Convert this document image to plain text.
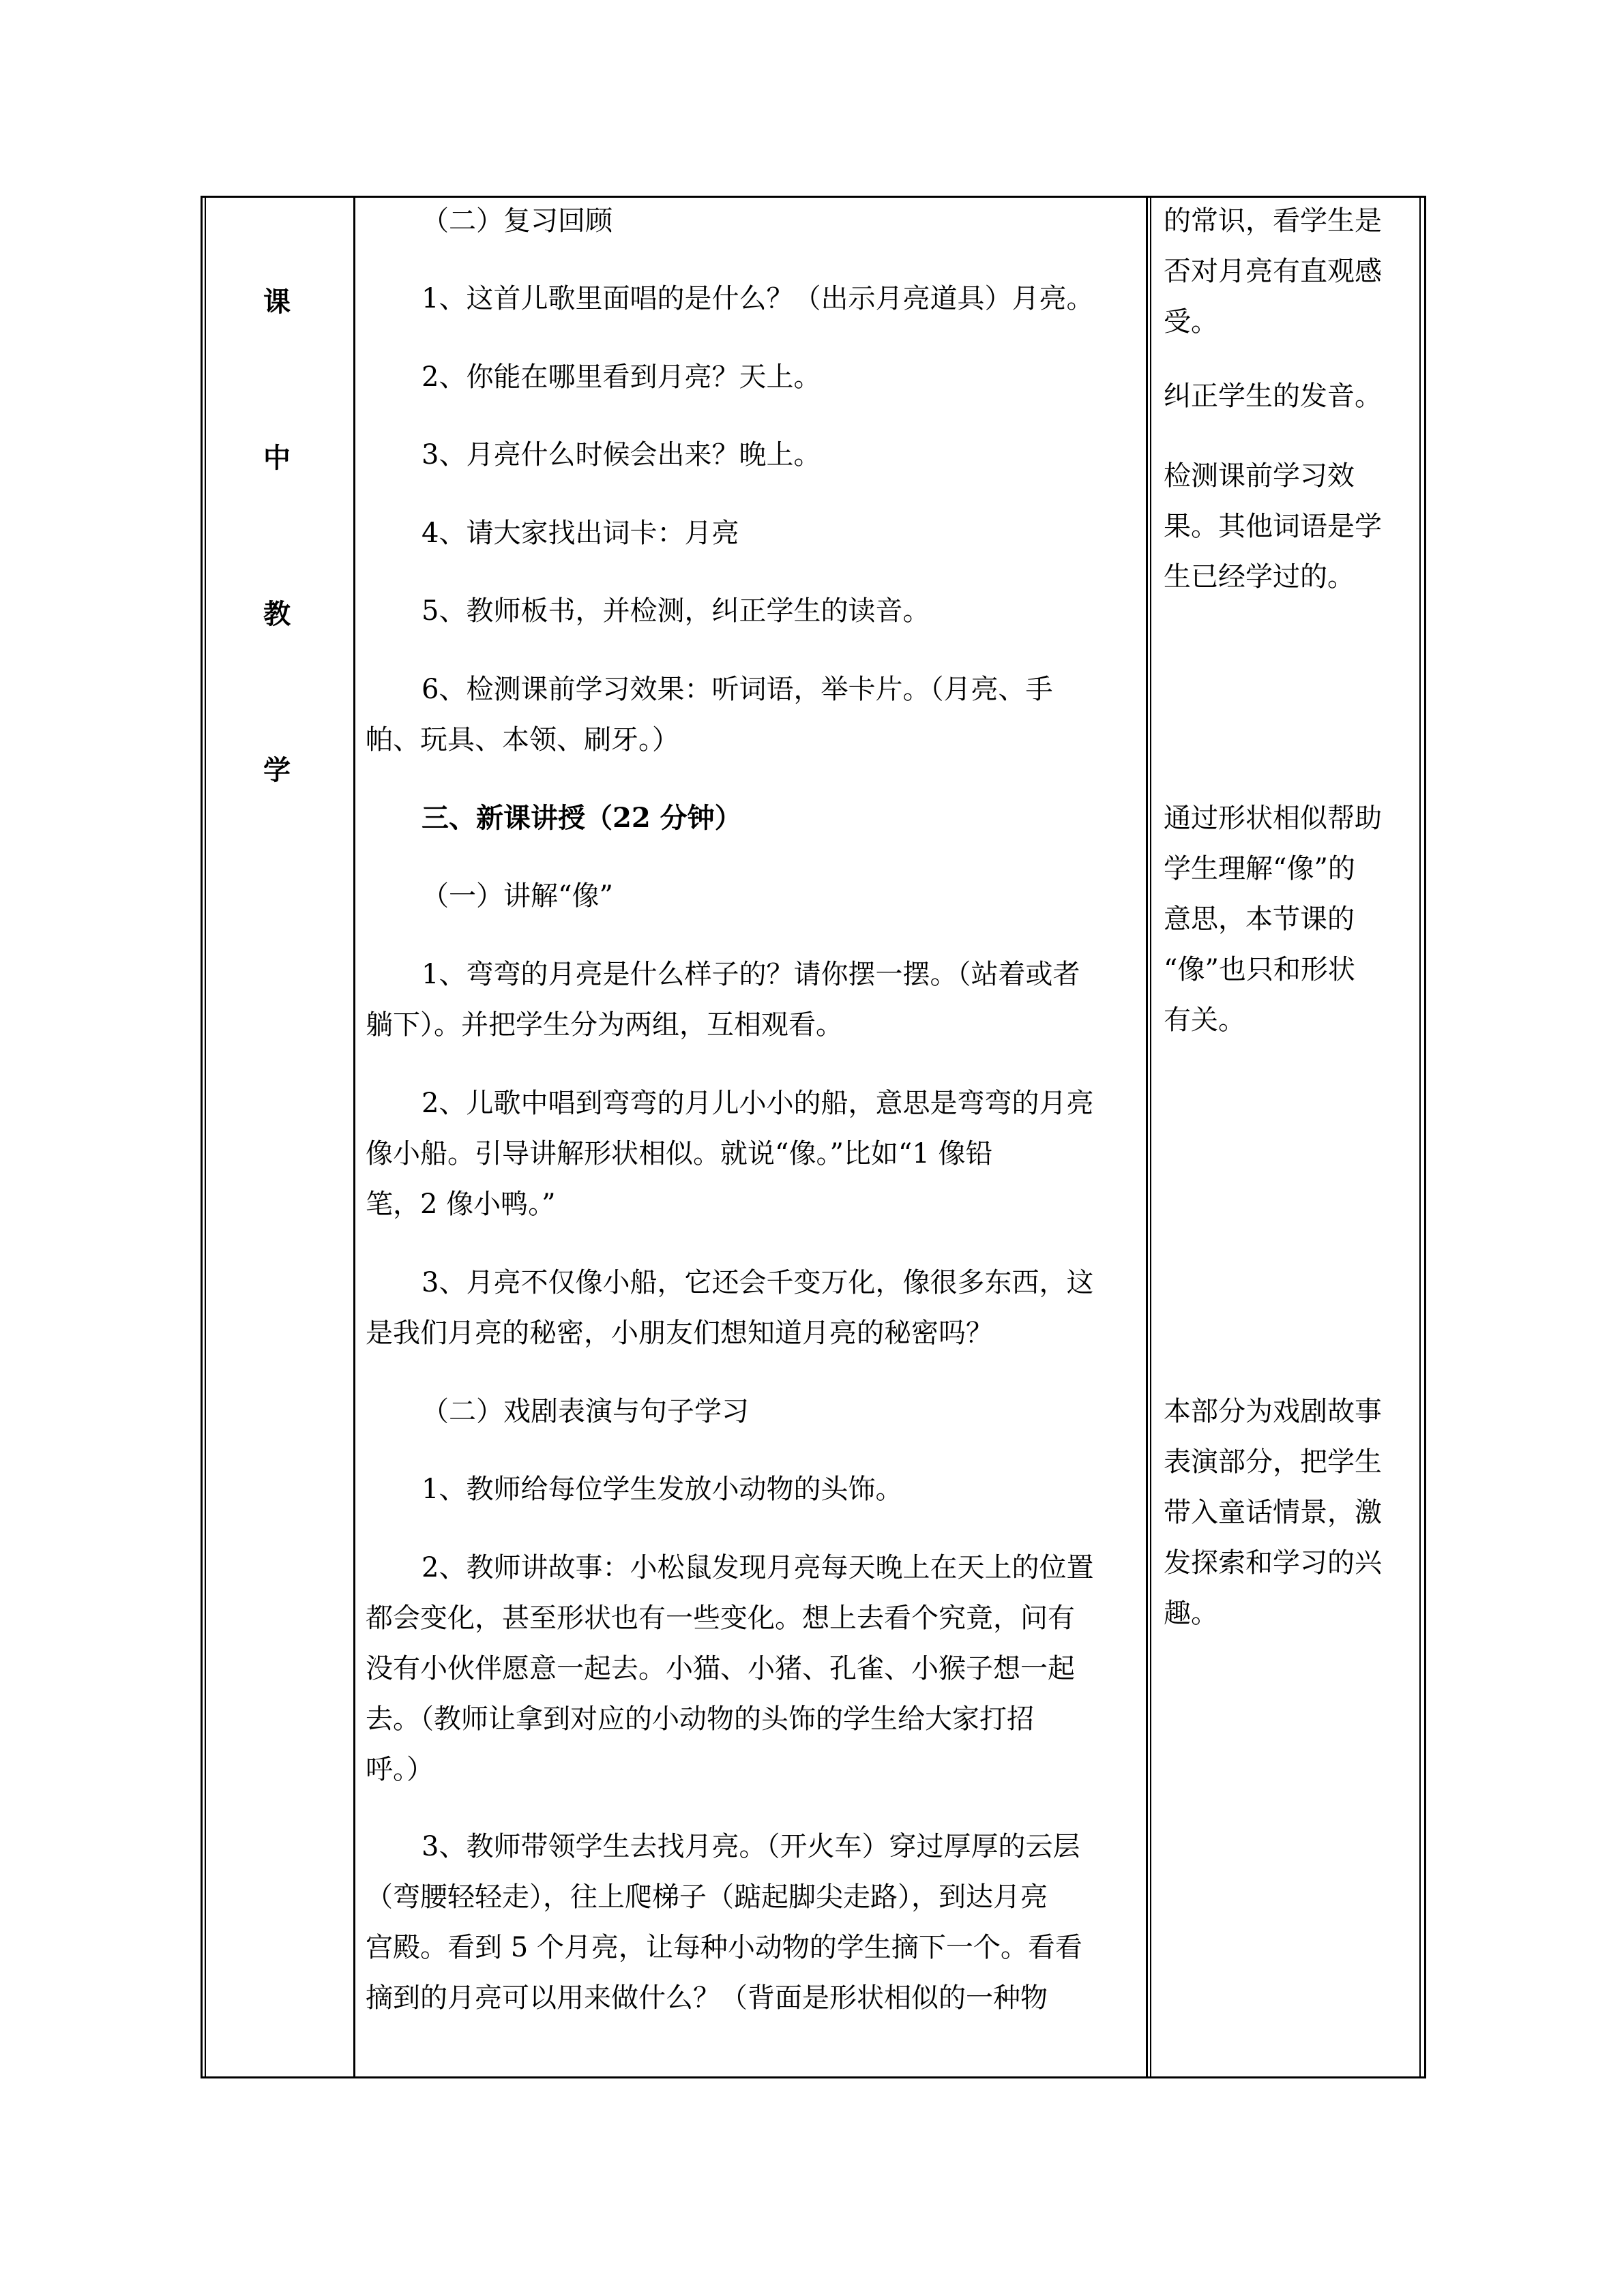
课
中
教
学
（二）复习回顾
1、这首儿歌里面唱的是什么？（出示月亮道具）月亮。
2、你能在哪里看到月亮？天上。
3、月亮什么时候会出来？晚上。
4、请大家找出词卡：月亮
5、教师板书，并检测，纠正学生的读音。
6、检测课前学习效果：听词语，举卡片。（月亮、手
帕、玩具、本领、刷牙。）
三、新课讲授（22 分钟）
（一）讲解“像”
1、弯弯的月亮是什么样子的？请你摆一摆。（站着或者
躺下）。并把学生分为两组，互相观看。
2、儿歌中唱到弯弯的月儿小小的船，意思是弯弯的月亮
像小船。引导讲解形状相似。就说“像。”比如“1 像铅
笔，2 像小鸭。”
3、月亮不仅像小船，它还会千变万化，像很多东西，这
是我们月亮的秘密，小朋友们想知道月亮的秘密吗？
（二）戏剧表演与句子学习
1、教师给每位学生发放小动物的头饰。
2、教师讲故事：小松鼠发现月亮每天晚上在天上的位置
都会变化，甚至形状也有一些变化。想上去看个究竟，问有
没有小伙伴愿意一起去。小猫、小猪、孔雀、小猴子想一起
去。（教师让拿到对应的小动物的头饰的学生给大家打招
呼。）
3、教师带领学生去找月亮。（开火车）穿过厚厚的云层
（弯腰轻轻走），往上爬梯子（踮起脚尖走路），到达月亮
宫殿。看到 5 个月亮，让每种小动物的学生摘下一个。看看
摘到的月亮可以用来做什么？（背面是形状相似的一种物
的常识，看学生是
否对月亮有直观感
受。
纠正学生的发音。
检测课前学习效
果。其他词语是学
生已经学过的。
通过形状相似帮助
学生理解“像”的
意思，本节课的
“像”也只和形状
有关。
本部分为戏剧故事
表演部分，把学生
带入童话情景，激
发探索和学习的兴
趣。
